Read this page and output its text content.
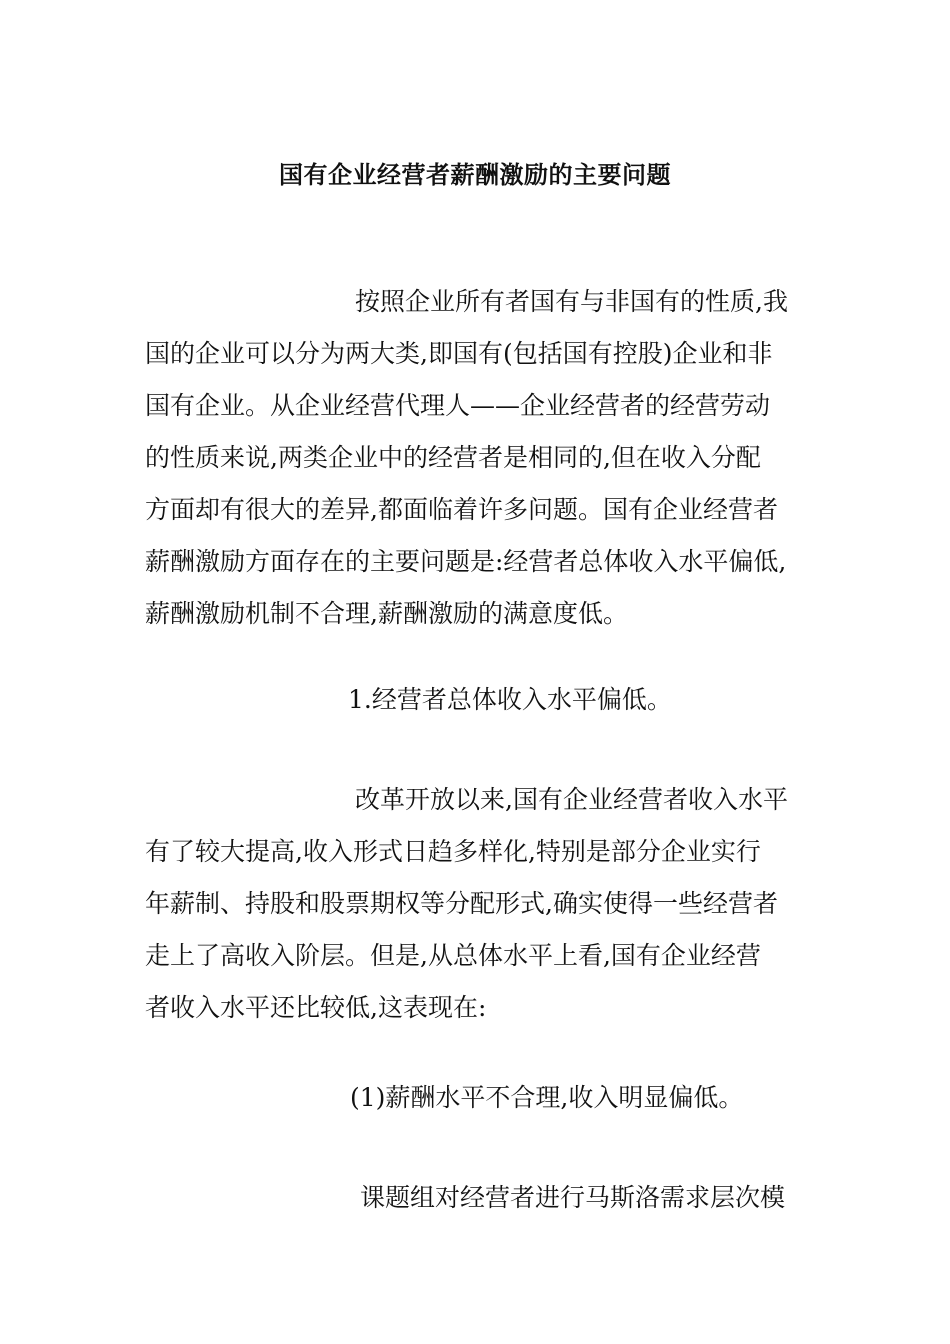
国有企业经营者薪酬激励的主要问题
按照企业所有者国有与非国有的性质,我
国的企业可以分为两大类,即国有(包括国有控股)企业和非
国有企业。从企业经营代理人——企业经营者的经营劳动
的性质来说,两类企业中的经营者是相同的,但在收入分配
方面却有很大的差异,都面临着许多问题。国有企业经营者
薪酬激励方面存在的主要问题是:经营者总体收入水平偏低,
薪酬激励机制不合理,薪酬激励的满意度低。
1.经营者总体收入水平偏低。
改革开放以来,国有企业经营者收入水平
有了较大提高,收入形式日趋多样化,特别是部分企业实行
年薪制、持股和股票期权等分配形式,确实使得一些经营者
走上了高收入阶层。但是,从总体水平上看,国有企业经营
者收入水平还比较低,这表现在:
(1)薪酬水平不合理,收入明显偏低。
课题组对经营者进行马斯洛需求层次模
